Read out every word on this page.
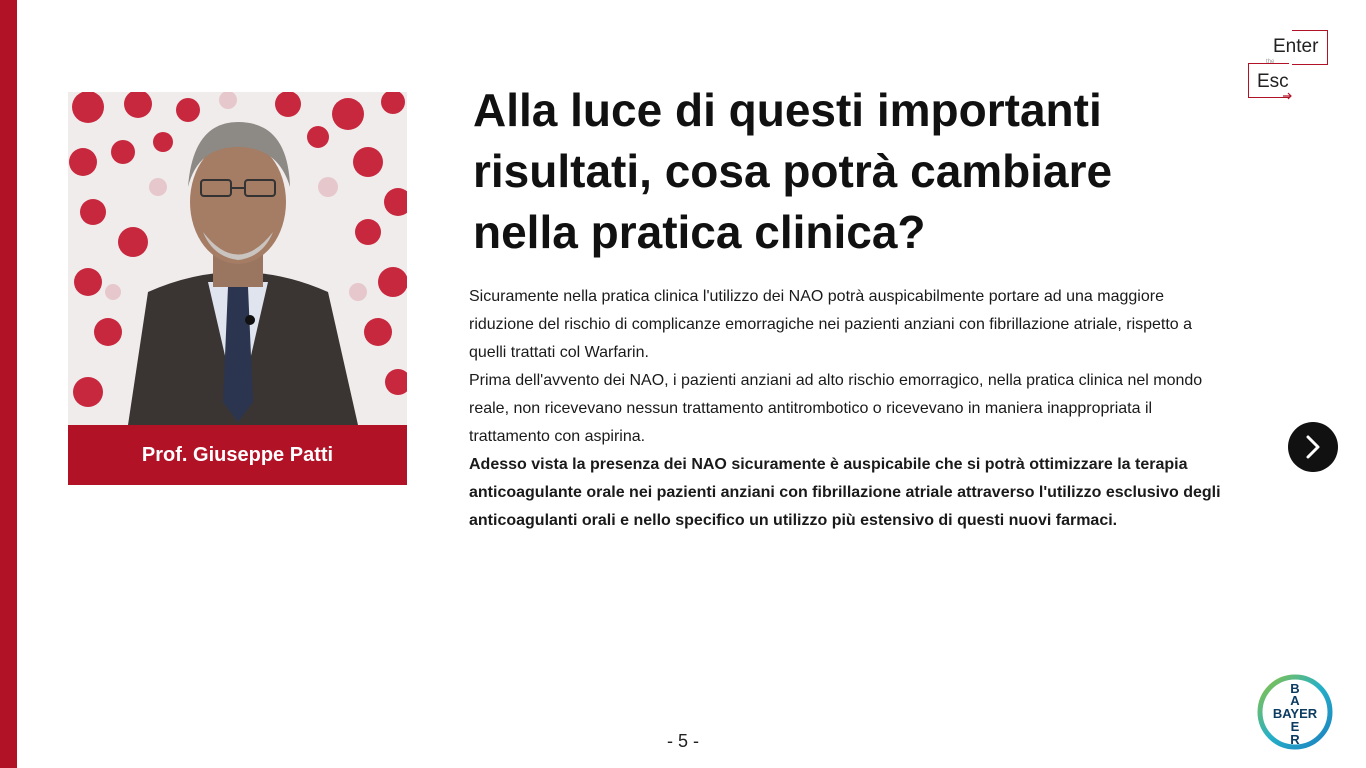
Prof. Giuseppe Patti
Alla luce di questi importanti risultati, cosa potrà cambiare nella pratica clinica?

Sicuramente nella pratica clinica l'utilizzo dei NAO potrà auspicabilmente portare ad una maggiore riduzione del rischio di complicanze emorragiche nei pazienti anziani con fibrillazione atriale, rispetto a quelli trattati col Warfarin.

Prima dell'avvento dei NAO, i pazienti anziani ad alto rischio emorragico, nella pratica clinica nel mondo reale, non ricevevano nessun trattamento antitrombotico o ricevevano in maniera inappropriata il trattamento con aspirina.

Adesso vista la presenza dei NAO sicuramente è auspicabile che si potrà ottimizzare la terapia anticoagulante orale nei pazienti anziani con fibrillazione atriale attraverso l'utilizzo esclusivo degli anticoagulanti orali e nello specifico un utilizzo più estensivo di questi nuovi farmaci.

Enter
the
Esc
- 5 -
B
A
BAYER
E
R
